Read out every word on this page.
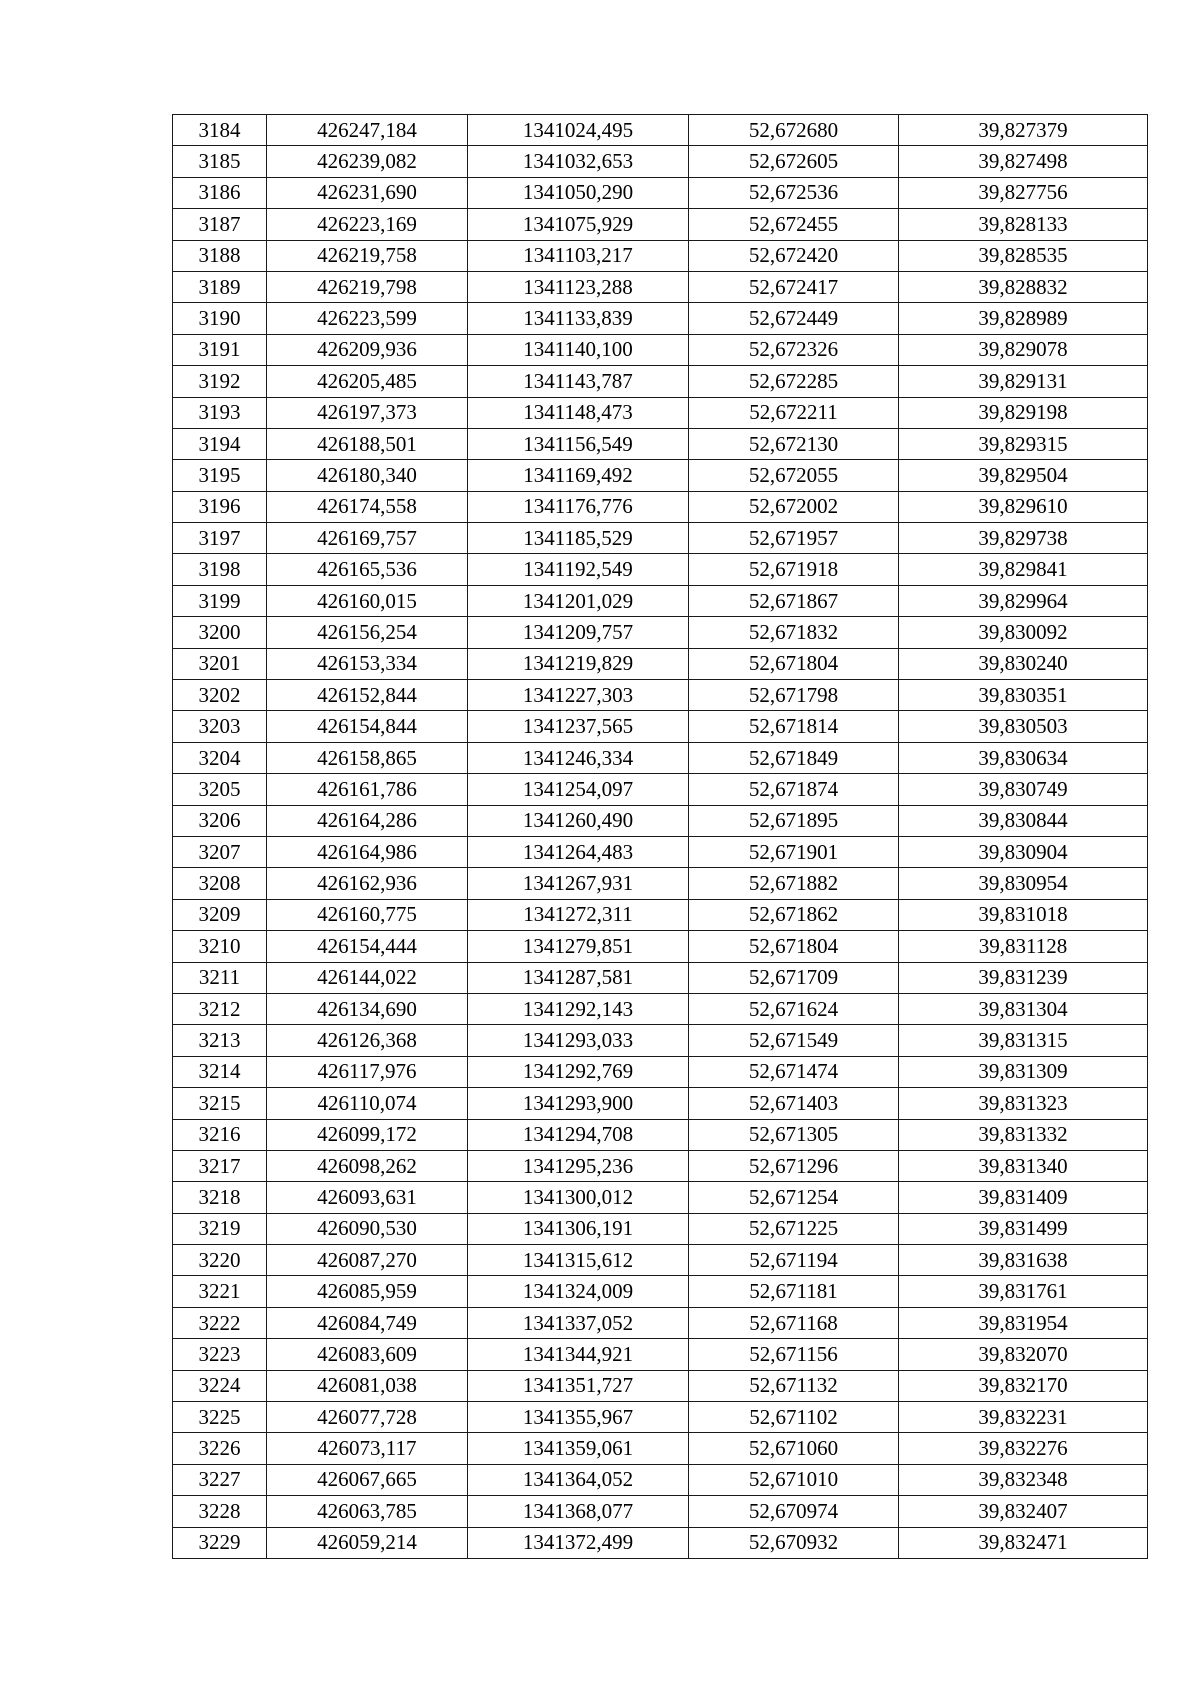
3184	426247,184	1341024,495	52,672680	39,827379
3185	426239,082	1341032,653	52,672605	39,827498
3186	426231,690	1341050,290	52,672536	39,827756
3187	426223,169	1341075,929	52,672455	39,828133
3188	426219,758	1341103,217	52,672420	39,828535
3189	426219,798	1341123,288	52,672417	39,828832
3190	426223,599	1341133,839	52,672449	39,828989
3191	426209,936	1341140,100	52,672326	39,829078
3192	426205,485	1341143,787	52,672285	39,829131
3193	426197,373	1341148,473	52,672211	39,829198
3194	426188,501	1341156,549	52,672130	39,829315
3195	426180,340	1341169,492	52,672055	39,829504
3196	426174,558	1341176,776	52,672002	39,829610
3197	426169,757	1341185,529	52,671957	39,829738
3198	426165,536	1341192,549	52,671918	39,829841
3199	426160,015	1341201,029	52,671867	39,829964
3200	426156,254	1341209,757	52,671832	39,830092
3201	426153,334	1341219,829	52,671804	39,830240
3202	426152,844	1341227,303	52,671798	39,830351
3203	426154,844	1341237,565	52,671814	39,830503
3204	426158,865	1341246,334	52,671849	39,830634
3205	426161,786	1341254,097	52,671874	39,830749
3206	426164,286	1341260,490	52,671895	39,830844
3207	426164,986	1341264,483	52,671901	39,830904
3208	426162,936	1341267,931	52,671882	39,830954
3209	426160,775	1341272,311	52,671862	39,831018
3210	426154,444	1341279,851	52,671804	39,831128
3211	426144,022	1341287,581	52,671709	39,831239
3212	426134,690	1341292,143	52,671624	39,831304
3213	426126,368	1341293,033	52,671549	39,831315
3214	426117,976	1341292,769	52,671474	39,831309
3215	426110,074	1341293,900	52,671403	39,831323
3216	426099,172	1341294,708	52,671305	39,831332
3217	426098,262	1341295,236	52,671296	39,831340
3218	426093,631	1341300,012	52,671254	39,831409
3219	426090,530	1341306,191	52,671225	39,831499
3220	426087,270	1341315,612	52,671194	39,831638
3221	426085,959	1341324,009	52,671181	39,831761
3222	426084,749	1341337,052	52,671168	39,831954
3223	426083,609	1341344,921	52,671156	39,832070
3224	426081,038	1341351,727	52,671132	39,832170
3225	426077,728	1341355,967	52,671102	39,832231
3226	426073,117	1341359,061	52,671060	39,832276
3227	426067,665	1341364,052	52,671010	39,832348
3228	426063,785	1341368,077	52,670974	39,832407
3229	426059,214	1341372,499	52,670932	39,832471
